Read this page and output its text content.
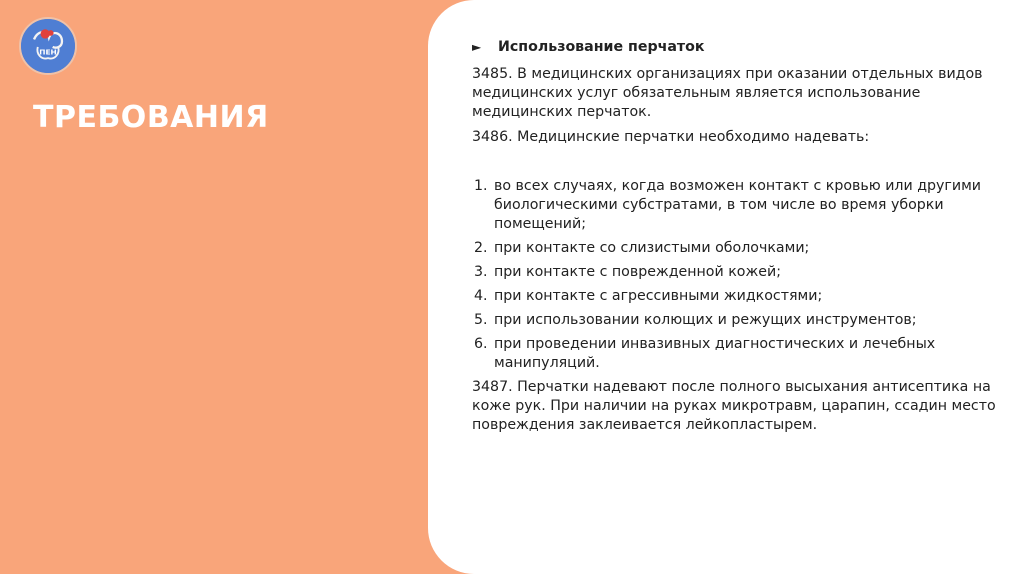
ПЕН
ТРЕБОВАНИЯ
►	Использование перчаток

3485. В медицинских организациях при оказании отдельных видов медицинских услуг обязательным является использование медицинских перчаток.

3486. Медицинские перчатки необходимо надевать:

1. во всех случаях, когда возможен контакт с кровью или другими биологическими субстратами, в том числе во время уборки помещений;
2. при контакте со слизистыми оболочками;
3. при контакте с поврежденной кожей;
4. при контакте с агрессивными жидкостями;
5. при использовании колющих и режущих инструментов;
6. при проведении инвазивных диагностических и лечебных манипуляций.

3487. Перчатки надевают после полного высыхания антисептика на коже рук. При наличии на руках микротравм, царапин, ссадин место повреждения заклеивается лейкопластырем.
